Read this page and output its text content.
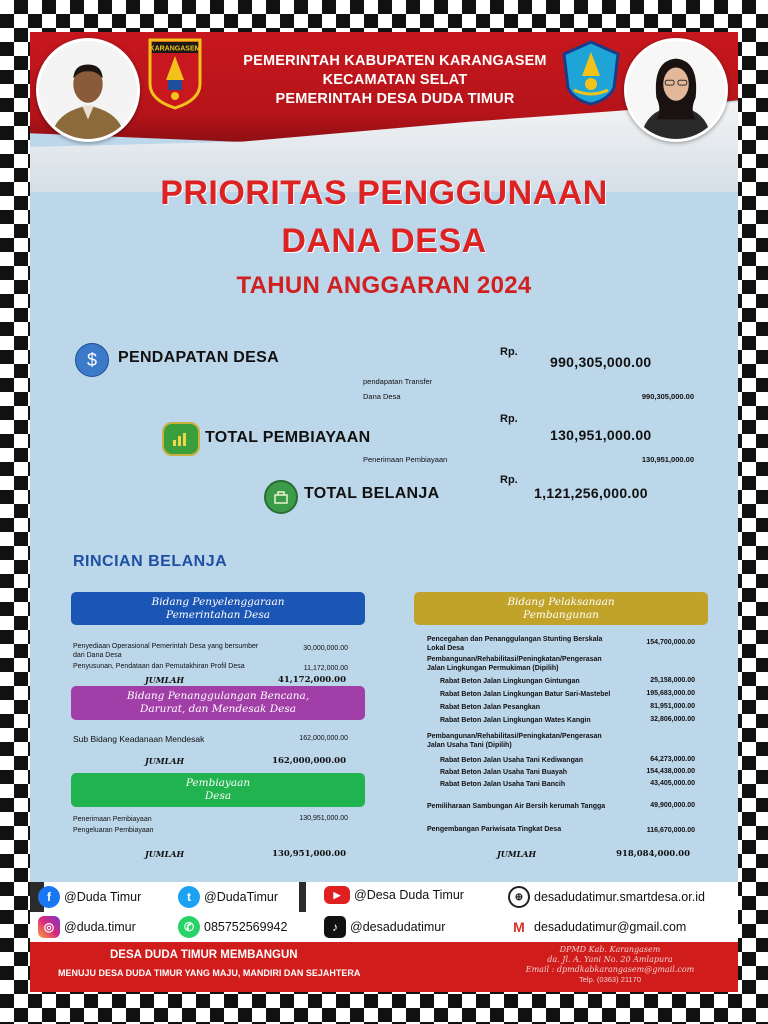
KARANGASEM
PEMERINTAH KABUPATEN KARANGASEM
KECAMATAN SELAT
PEMERINTAH DESA DUDA TIMUR
PRIORITAS PENGGUNAAN
DANA DESA
TAHUN ANGGARAN 2024
$ PENDAPATAN DESA	Rp.
990,305,000.00
pendapatan Transfer
Dana Desa	990,305,000.00
TOTAL PEMBIAYAAN
Rp.
130,951,000.00
Penerimaan Pembiayaan	130,951,000.00
TOTAL BELANJA
Rp.
1,121,256,000.00
RINCIAN BELANJA
Bidang Penyelenggaraan Pemerintahan Desa
Penyediaan Operasional Pemerintah Desa yang bersumber dari Dana Desa
30,000,000.00
Penyusunan, Pendataan dan Pemutakhiran Profil Desa	11,172,000.00
JUMLAH	41,172,000.00
Bidang Penanggulangan Bencana, Darurat, dan Mendesak Desa
Sub Bidang Keadanaan Mendesak	162,000,000.00
JUMLAH	162,000,000.00
Pembiayaan Desa
Penerimaan Pembiayaan	130,951,000.00
Pengeluaran Pembiayaan
JUMLAH	130,951,000.00
Bidang Pelaksanaan Pembangunan
Pencegahan dan Penanggulangan Stunting Berskala Lokal Desa
154,700,000.00
Pembangunan/Rehabilitasi/Peningkatan/Pengerasan Jalan Lingkungan Permukiman (Dipilih)
Rabat Beton Jalan Lingkungan Gintungan	25,158,000.00
Rabat Beton Jalan Lingkungan Batur Sari-Mastebel	195,683,000.00
Rabat Beton Jalan Pesangkan	81,951,000.00
Rabat Beton Jalan Lingkungan Wates Kangin	32,806,000.00
Pembangunan/Rehabilitasi/Peningkatan/Pengerasan Jalan Usaha Tani (Dipilih)
Rabat Beton Jalan Usaha Tani Kediwangan	64,273,000.00
Rabat Beton Jalan Usaha Tani Buayah	154,438,000.00
Rabat Beton Jalan Usaha Tani Bancih	43,405,000.00
Pemiliharaan Sambungan Air Bersih kerumah Tangga	49,900,000.00
Pengembangan Pariwisata Tingkat Desa	116,670,000.00
JUMLAH	918,084,000.00
f	@Duda Timur	t	@DudaTimur	▶	@Desa Duda Timur	⊕ desadudatimur.smartdesa.or.id
◎ @duda.timur	✆ 085752569942	♪ @desadudatimur	M desadudatimur@gmail.com
DESA DUDA TIMUR MEMBANGUN
MENUJU DESA DUDA TIMUR YANG MAJU, MANDIRI DAN SEJAHTERA
DPMD Kab. Karangasem
da. Jl. A. Yani No. 20 Amlapura
Email : dpmdkabkarangasem@gmail.com
Telp. (0363) 21170
